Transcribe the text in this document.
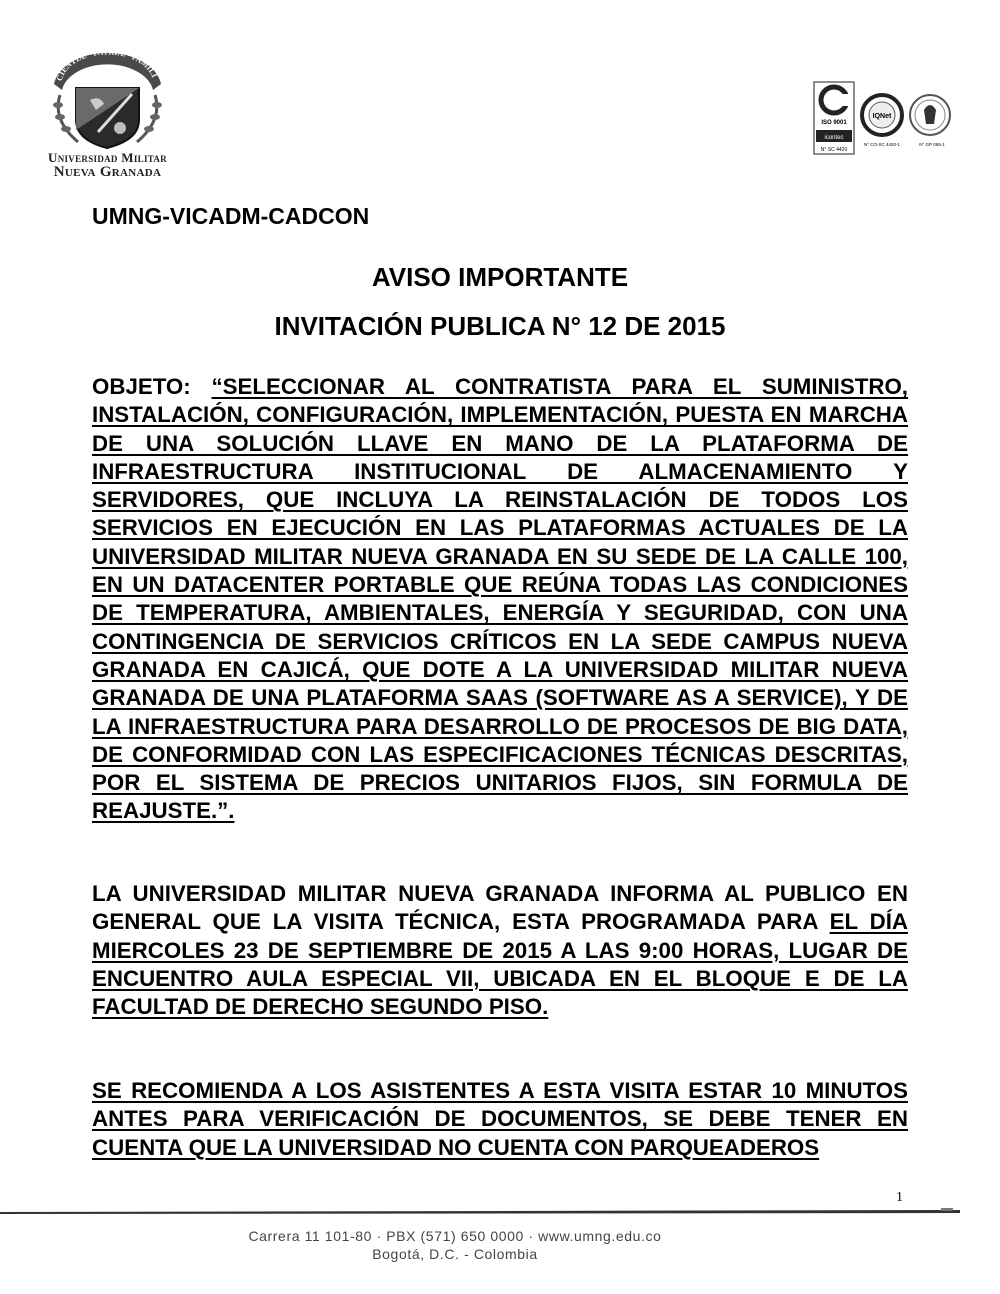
CIENTIÆ · PATRIÆ · FAMILI
Universidad Militar
Nueva Granada
ISO 9001
icontec
N° SC 4420
IQNet
N° CO-SC 4420-1	N° GP 065-1

UMNG-VICADM-CADCON

AVISO IMPORTANTE
INVITACIÓN PUBLICA N° 12 DE 2015

OBJETO: “SELECCIONAR AL CONTRATISTA PARA EL SUMINISTRO, INSTALACIÓN, CONFIGURACIÓN, IMPLEMENTACIÓN, PUESTA EN MARCHA DE UNA SOLUCIÓN LLAVE EN MANO DE LA PLATAFORMA DE INFRAESTRUCTURA INSTITUCIONAL DE ALMACENAMIENTO Y SERVIDORES, QUE INCLUYA LA REINSTALACIÓN DE TODOS LOS SERVICIOS EN EJECUCIÓN EN LAS PLATAFORMAS ACTUALES DE LA UNIVERSIDAD MILITAR NUEVA GRANADA EN SU SEDE DE LA CALLE 100, EN UN DATACENTER PORTABLE QUE REÚNA TODAS LAS CONDICIONES DE TEMPERATURA, AMBIENTALES, ENERGÍA Y SEGURIDAD, CON UNA CONTINGENCIA DE SERVICIOS CRÍTICOS EN LA SEDE CAMPUS NUEVA GRANADA EN CAJICÁ, QUE DOTE A LA UNIVERSIDAD MILITAR NUEVA GRANADA DE UNA PLATAFORMA SAAS (SOFTWARE AS A SERVICE), Y DE LA INFRAESTRUCTURA PARA DESARROLLO DE PROCESOS DE BIG DATA, DE CONFORMIDAD CON LAS ESPECIFICACIONES TÉCNICAS DESCRITAS, POR EL SISTEMA DE PRECIOS UNITARIOS FIJOS, SIN FORMULA DE REAJUSTE.”.

LA UNIVERSIDAD MILITAR NUEVA GRANADA INFORMA AL PUBLICO EN GENERAL QUE LA VISITA TÉCNICA, ESTA PROGRAMADA PARA EL DÍA MIERCOLES 23 DE SEPTIEMBRE DE 2015 A LAS 9:00 HORAS, LUGAR DE ENCUENTRO AULA ESPECIAL VII, UBICADA EN EL BLOQUE E DE LA FACULTAD DE DERECHO SEGUNDO PISO.

SE RECOMIENDA A LOS ASISTENTES A ESTA VISITA ESTAR 10 MINUTOS ANTES PARA VERIFICACIÓN DE DOCUMENTOS, SE DEBE TENER EN CUENTA QUE LA UNIVERSIDAD NO CUENTA CON PARQUEADEROS

1

Carrera 11 101-80 · PBX (571) 650 0000 · www.umng.edu.co

Bogotá, D.C. - Colombia
